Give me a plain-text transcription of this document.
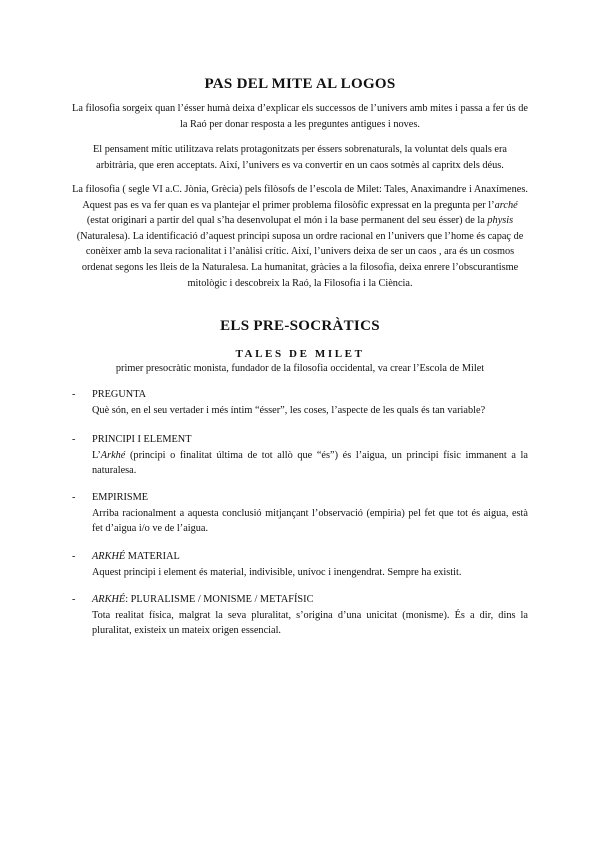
PAS DEL MITE AL LOGOS

La filosofia sorgeix quan l’ésser humà deixa d’explicar els successos de l’univers amb mites i passa a fer ús de la Raó per donar resposta a les preguntes antigues i noves.

El pensament mític utilitzava relats protagonitzats per éssers sobrenaturals, la voluntat dels quals era arbitrària, que eren acceptats. Així, l’univers es va convertir en un caos sotmès al capritx dels déus.

La filosofia ( segle VI a.C. Jònia, Grècia) pels filòsofs de l’escola de Milet: Tales, Anaximandre i Anaxímenes. Aquest pas es va fer quan es va plantejar el primer problema filosòfic expressat en la pregunta per l’arché (estat originari a partir del qual s’ha desenvolupat el món i la base permanent del seu ésser) de la physis (Naturalesa). La identificació d’aquest principi suposa un ordre racional en l’univers que l’home és capaç de conèixer amb la seva racionalitat i l’anàlisi crític. Així, l’univers deixa de ser un caos , ara és un cosmos ordenat segons les lleis de la Naturalesa. La humanitat, gràcies a la filosofia, deixa enrere l’obscurantisme mitològic i descobreix la Raó, la Filosofia i la Ciència.

ELS PRE-SOCRÀTICS
TALES DE MILET
primer presocràtic monista, fundador de la filosofia occidental, va crear l’Escola de Milet
- PREGUNTA
Què són, en el seu vertader i més íntim “ésser”, les coses, l’aspecte de les quals és tan variable?
- PRINCIPI I ELEMENT
L’Arkhé (principi o finalitat última de tot allò que “és”) és l’aigua, un principi físic immanent a la naturalesa.
- EMPIRISME
Arriba racionalment a aquesta conclusió mitjançant l’observació (empiria) pel fet que tot és aigua, està fet d’aigua i/o ve de l’aigua.
- ARKHÉ MATERIAL
Aquest principi i element és material, indivisible, unívoc i inengendrat. Sempre ha existit.
- ARKHÉ: PLURALISME / MONISME / METAFÍSIC
Tota realitat física, malgrat la seva pluralitat, s’origina d’una unicitat (monisme). És a dir, dins la pluralitat, existeix un mateix origen essencial.
